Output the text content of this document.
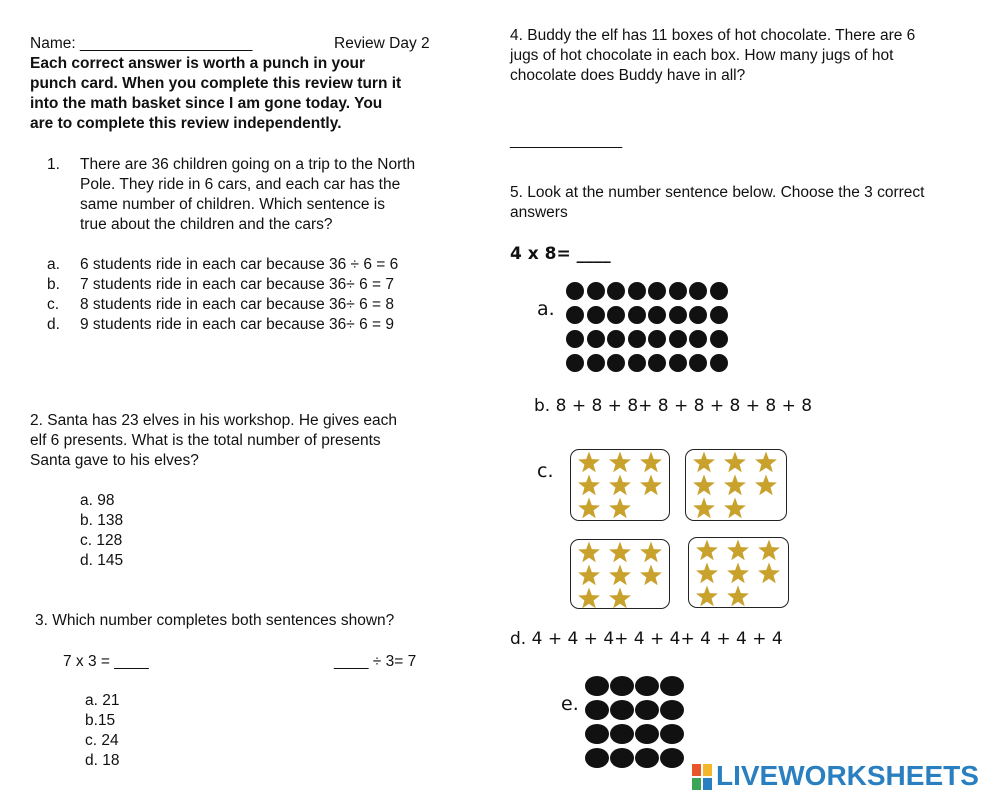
Name: ____________________	Review Day 2
Each correct answer is worth a punch in your
punch card. When you complete this review turn it
into the math basket since I am gone today. You
are to complete this review independently.
1. There are 36 children going on a trip to the North
Pole. They ride in 6 cars, and each car has the
same number of children. Which sentence is
true about the children and the cars?
a. 6 students ride in each car because 36 ÷ 6 = 6
b. 7 students ride in each car because 36÷ 6 = 7
c. 8 students ride in each car because 36÷ 6 = 8
d. 9 students ride in each car because 36÷ 6 = 9
2. Santa has 23 elves in his workshop. He gives each
elf 6 presents. What is the total number of presents
Santa gave to his elves?
a. 98
b. 138
c. 128
d. 145
3. Which number completes both sentences shown?
7 x 3 = ____	____ ÷ 3= 7
a. 21
b.15
c. 24
d. 18
4. Buddy the elf has 11 boxes of hot chocolate. There are 6
jugs of hot chocolate in each box. How many jugs of hot
chocolate does Buddy have in all?
_____________
5. Look at the number sentence below. Choose the 3 correct
answers
4 x 8= ____
a.
b. 8 + 8 + 8+ 8 + 8 + 8 + 8 + 8
c.
d. 4 + 4 + 4+ 4 + 4+ 4 + 4 + 4
e.
LIVEWORKSHEETS
